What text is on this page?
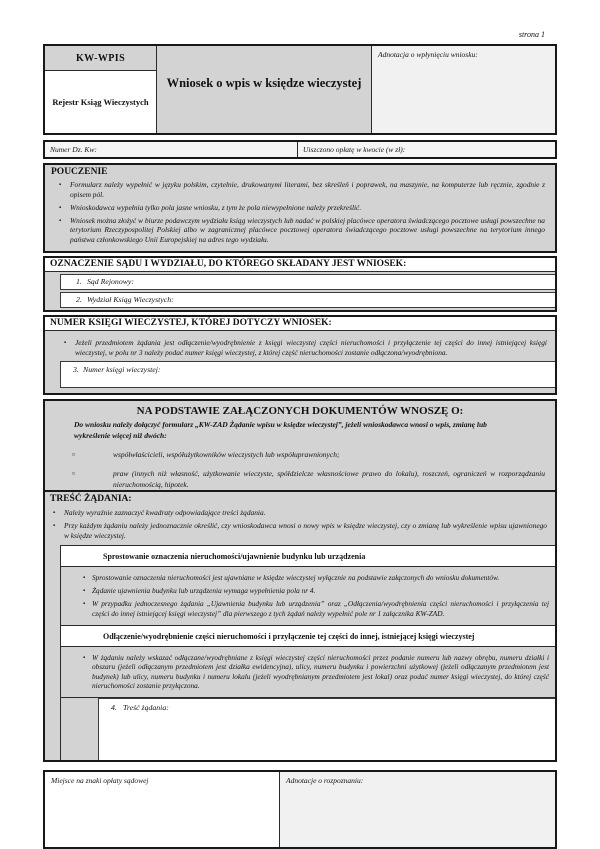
strona 1
KW-WPIS
Rejestr Ksiąg Wieczystych
Wniosek o wpis w księdze wieczystej
Adnotacja o wpłynięciu wniosku:
Numer Dz. Kw:	Uiszczono opłatę w kwocie (w zł):
POUCZENIE
▪	Formularz należy wypełnić w języku polskim, czytelnie, drukowanymi literami, bez skreśleń i poprawek, na maszynie, na komputerze lub ręcznie, zgodnie z opisem pól.
▪	Wnioskodawca wypełnia tylko pola jasne wniosku, z tym że pola niewypełnione należy przekreślić.
▪	Wniosek można złożyć w biurze podawczym wydziału ksiąg wieczystych lub nadać w polskiej placówce operatora świadczącego pocztowe usługi powszechne na terytorium Rzeczypospolitej Polskiej albo w zagranicznej placówce pocztowej operatora świadczącego pocztowe usługi powszechne na terytorium innego państwa członkowskiego Unii Europejskiej na adres tego wydziału.
OZNACZENIE SĄDU I WYDZIAŁU, DO KTÓREGO SKŁADANY JEST WNIOSEK:
1. Sąd Rejonowy:
2. Wydział Ksiąg Wieczystych:
NUMER KSIĘGI WIECZYSTEJ, KTÓREJ DOTYCZY WNIOSEK:
▪	Jeżeli przedmiotem żądania jest odłączenie/wyodrębnienie z księgi wieczystej części nieruchomości i przyłączenie tej części do innej istniejącej księgi wieczystej, w polu nr 3 należy podać numer księgi wieczystej, z której część nieruchomości zostanie odłączona/wyodrębniona.
3. Numer księgi wieczystej:
NA PODSTAWIE ZAŁĄCZONYCH DOKUMENTÓW WNOSZĘ O:
Do wniosku należy dołączyć formularz „KW-ZAD Żądanie wpisu w księdze wieczystej”, jeżeli wnioskodawca wnosi o wpis, zmianę lub wykreślenie więcej niż dwóch:
▫	współwłaścicieli, współużytkowników wieczystych lub współuprawnionych;
▫	praw (innych niż własność, użytkowanie wieczyste, spółdzielcze własnościowe prawo do lokalu), roszczeń, ograniczeń w rozporządzaniu nieruchomością, hipotek.
TREŚĆ ŻĄDANIA:
▪	Należy wyraźnie zaznaczyć kwadraty odpowiadające treści żądania.
▪	Przy każdym żądaniu należy jednoznacznie określić, czy wnioskodawca wnosi o nowy wpis w księdze wieczystej, czy o zmianę lub wykreślenie wpisu ujawnionego w księdze wieczystej.
Sprostowanie oznaczenia nieruchomości/ujawnienie budynku lub urządzenia
▪ Sprostowanie oznaczenia nieruchomości jest ujawniane w księdze wieczystej wyłącznie na podstawie załączonych do wniosku dokumentów.
▪ Żądanie ujawnienia budynku lub urządzenia wymaga wypełnienia pola nr 4.
▪ W przypadku jednoczesnego żądania „Ujawnienia budynku lub urządzenia” oraz „Odłączenia/wyodrębnienia części nieruchomości i przyłączenia tej części do innej istniejącej księgi wieczystej” dla pierwszego z tych żądań należy wypełnić pole nr 1 załącznika KW-ZAD.
Odłączenie/wyodrębnienie części nieruchomości i przyłączenie tej części do innej, istniejącej księgi wieczystej
▪ W żądaniu należy wskazać odłączane/wyodrębniane z księgi wieczystej części nieruchomości przez podanie numeru lub nazwy obrębu, numeru działki i obszaru (jeżeli odłączanym przedmiotem jest działka ewidencyjna), ulicy, numeru budynku i powierzchni użytkowej (jeżeli odłączanym przedmiotem jest budynek) lub ulicy, numeru budynku i numeru lokalu (jeżeli wyodrębnianym przedmiotem jest lokal) oraz podać numer księgi wieczystej, do której część nieruchomości zostanie przyłączona.
4. Treść żądania:
Miejsce na znaki opłaty sądowej	Adnotacje o rozpoznaniu:
